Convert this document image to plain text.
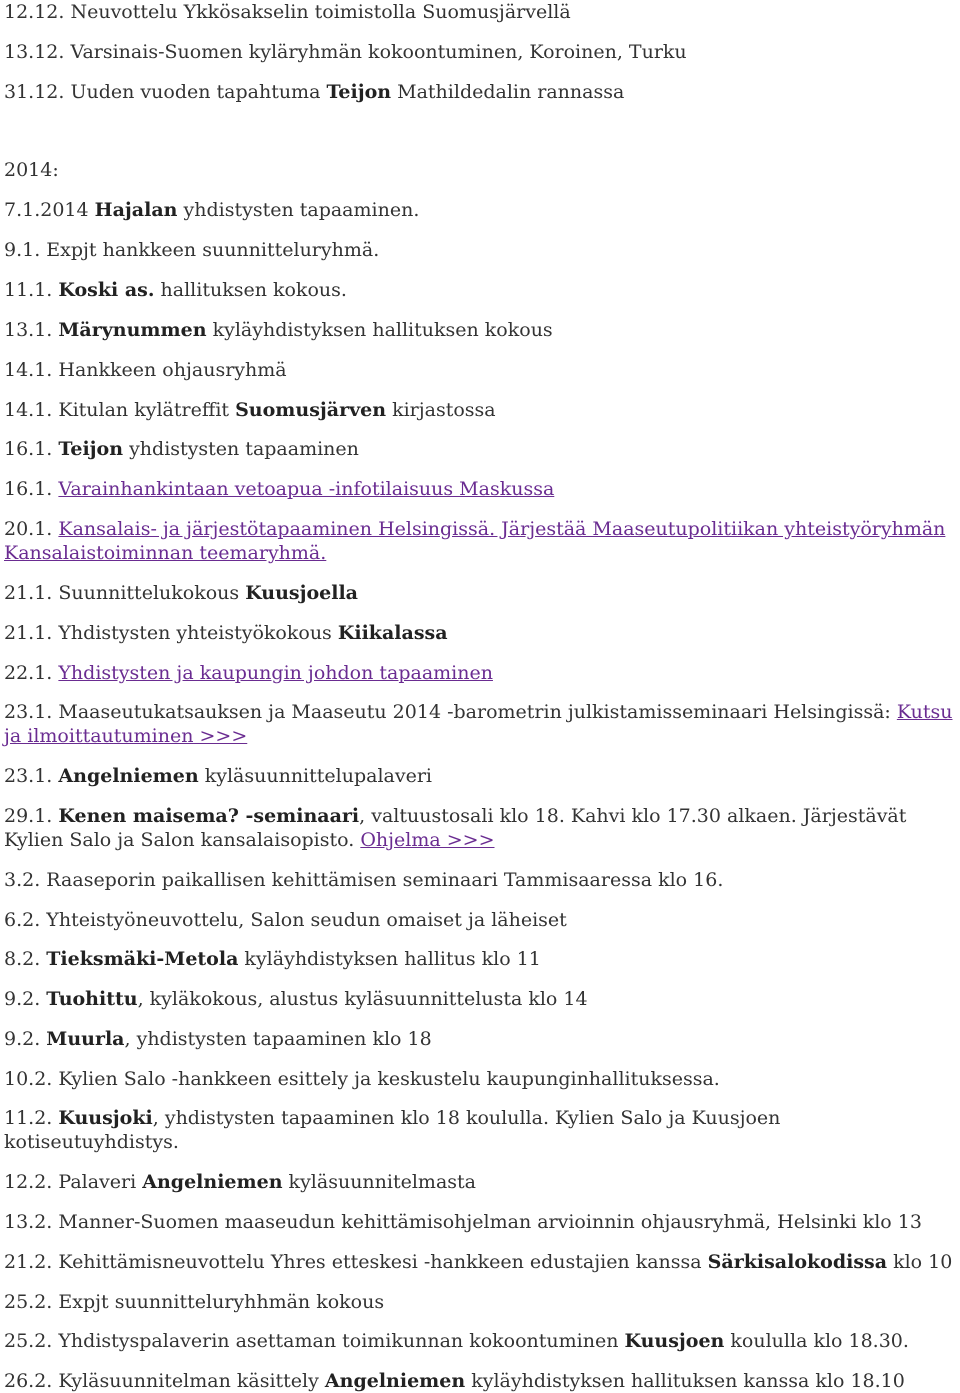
12.12. Neuvottelu Ykkösakselin toimistolla Suomusjärvellä

13.12. Varsinais-Suomen kyläryhmän kokoontuminen, Koroinen, Turku

31.12. Uuden vuoden tapahtuma Teijon Mathildedalin rannassa

2014:

7.1.2014 Hajalan yhdistysten tapaaminen.

9.1. Expjt hankkeen suunnitteluryhmä.

11.1. Koski as. hallituksen kokous.

13.1. Märynummen kyläyhdistyksen hallituksen kokous

14.1. Hankkeen ohjausryhmä

14.1. Kitulan kylätreffit Suomusjärven kirjastossa

16.1. Teijon yhdistysten tapaaminen

16.1. Varainhankintaan vetoapua -infotilaisuus Maskussa

20.1. Kansalais- ja järjestötapaaminen Helsingissä. Järjestää Maaseutupolitiikan yhteistyöryhmän Kansalaistoiminnan teemaryhmä.

21.1. Suunnittelukokous Kuusjoella

21.1. Yhdistysten yhteistyökokous Kiikalassa

22.1. Yhdistysten ja kaupungin johdon tapaaminen

23.1. Maaseutukatsauksen ja Maaseutu 2014 -barometrin julkistamisseminaari Helsingissä: Kutsu ja ilmoittautuminen >>>

23.1. Angelniemen kyläsuunnittelupalaveri

29.1. Kenen maisema? -seminaari, valtuustosali klo 18. Kahvi klo 17.30 alkaen. Järjestävät Kylien Salo ja Salon kansalaisopisto. Ohjelma >>>

3.2. Raaseporin paikallisen kehittämisen seminaari Tammisaaressa klo 16.

6.2. Yhteistyöneuvottelu, Salon seudun omaiset ja läheiset

8.2. Tieksmäki-Metola kyläyhdistyksen hallitus klo 11

9.2. Tuohittu, kyläkokous, alustus kyläsuunnittelusta klo 14

9.2. Muurla, yhdistysten tapaaminen klo 18

10.2. Kylien Salo -hankkeen esittely ja keskustelu kaupunginhallituksessa.

11.2. Kuusjoki, yhdistysten tapaaminen klo 18 koululla. Kylien Salo ja Kuusjoen kotiseutuyhdistys.

12.2. Palaveri Angelniemen kyläsuunnitelmasta

13.2. Manner-Suomen maaseudun kehittämisohjelman arvioinnin ohjausryhmä, Helsinki klo 13

21.2. Kehittämisneuvottelu Yhres etteskesi -hankkeen edustajien kanssa Särkisalokodissa klo 10

25.2. Expjt suunnitteluryhhmän kokous

25.2. Yhdistyspalaverin asettaman toimikunnan kokoontuminen Kuusjoen koululla klo 18.30.

26.2. Kyläsuunnitelman käsittely Angelniemen kyläyhdistyksen hallituksen kanssa klo 18.10
